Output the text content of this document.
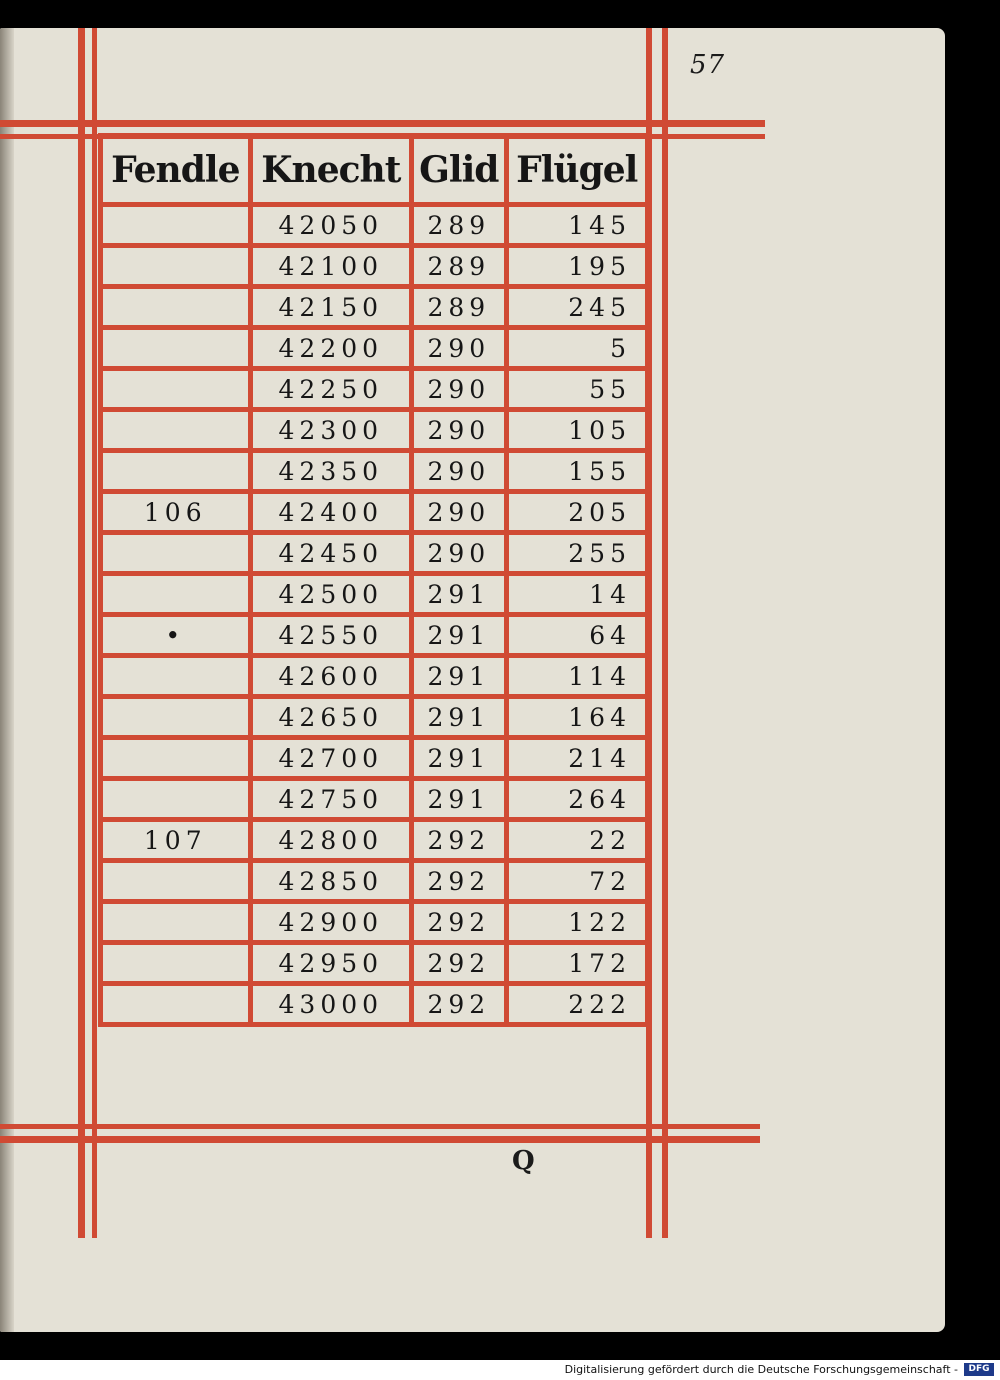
57
Fendle	Knecht	Glid	Flügel
	42050	289	145
	42100	289	195
	42150	289	245
	42200	290	5
	42250	290	55
	42300	290	105
	42350	290	155
106	42400	290	205
	42450	290	255
	42500	291	14
•	42550	291	64
	42600	291	114
	42650	291	164
	42700	291	214
	42750	291	264
107	42800	292	22
	42850	292	72
	42900	292	122
	42950	292	172
	43000	292	222
Q
Digitalisierung gefördert durch die Deutsche Forschungsgemeinschaft -	DFG
